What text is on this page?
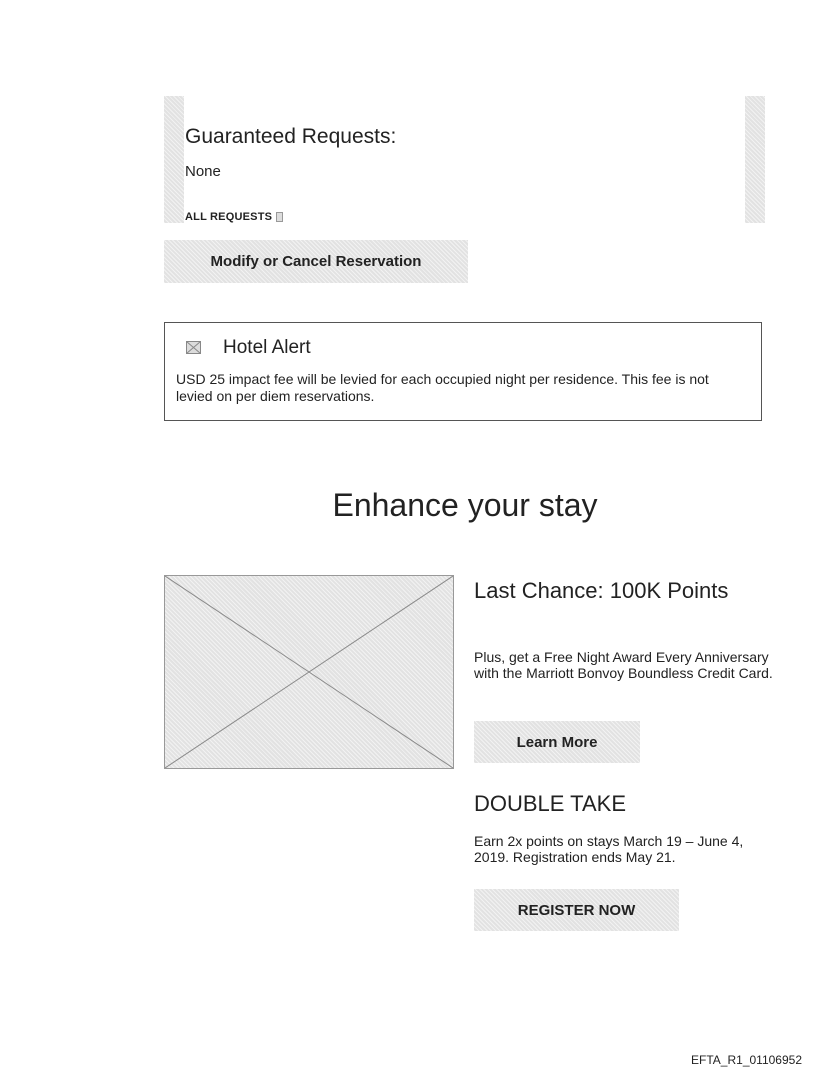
Guaranteed Requests:
None
ALL REQUESTS
Modify or Cancel Reservation
Hotel Alert
USD 25 impact fee will be levied for each occupied night per residence. This fee is not levied on per diem reservations.
Enhance your stay
Last Chance: 100K Points
Plus, get a Free Night Award Every Anniversary with the Marriott Bonvoy Boundless Credit Card.
Learn More
DOUBLE TAKE
Earn 2x points on stays March 19 – June 4, 2019. Registration ends May 21.
REGISTER NOW
EFTA_R1_01106952
